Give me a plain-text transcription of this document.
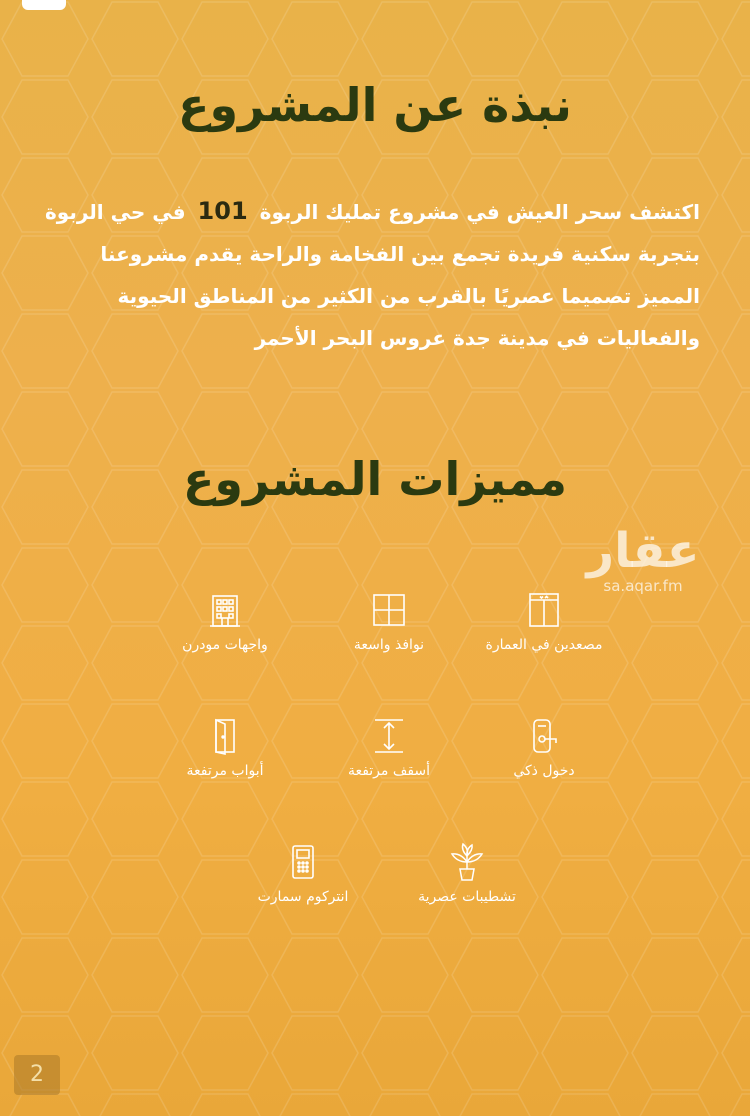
نبذة عن المشروع
اكتشف سحر العيش في مشروع تمليك الربوة101في حي الربوة
بتجربة سكنية فريدة تجمع بين الفخامة والراحة يقدم مشروعنا
المميز تصميما عصريًا بالقرب من الكثير من المناطق الحيوية
والفعاليات في مدينة جدة عروس البحر الأحمر
مميزات المشروع
عقار
sa.aqar.fm
مصعدين في العمارة
نوافذ واسعة
واجهات مودرن
دخول ذكي
أسقف مرتفعة
أبواب مرتفعة
تشطيبات عصرية
انتركوم سمارت
2
